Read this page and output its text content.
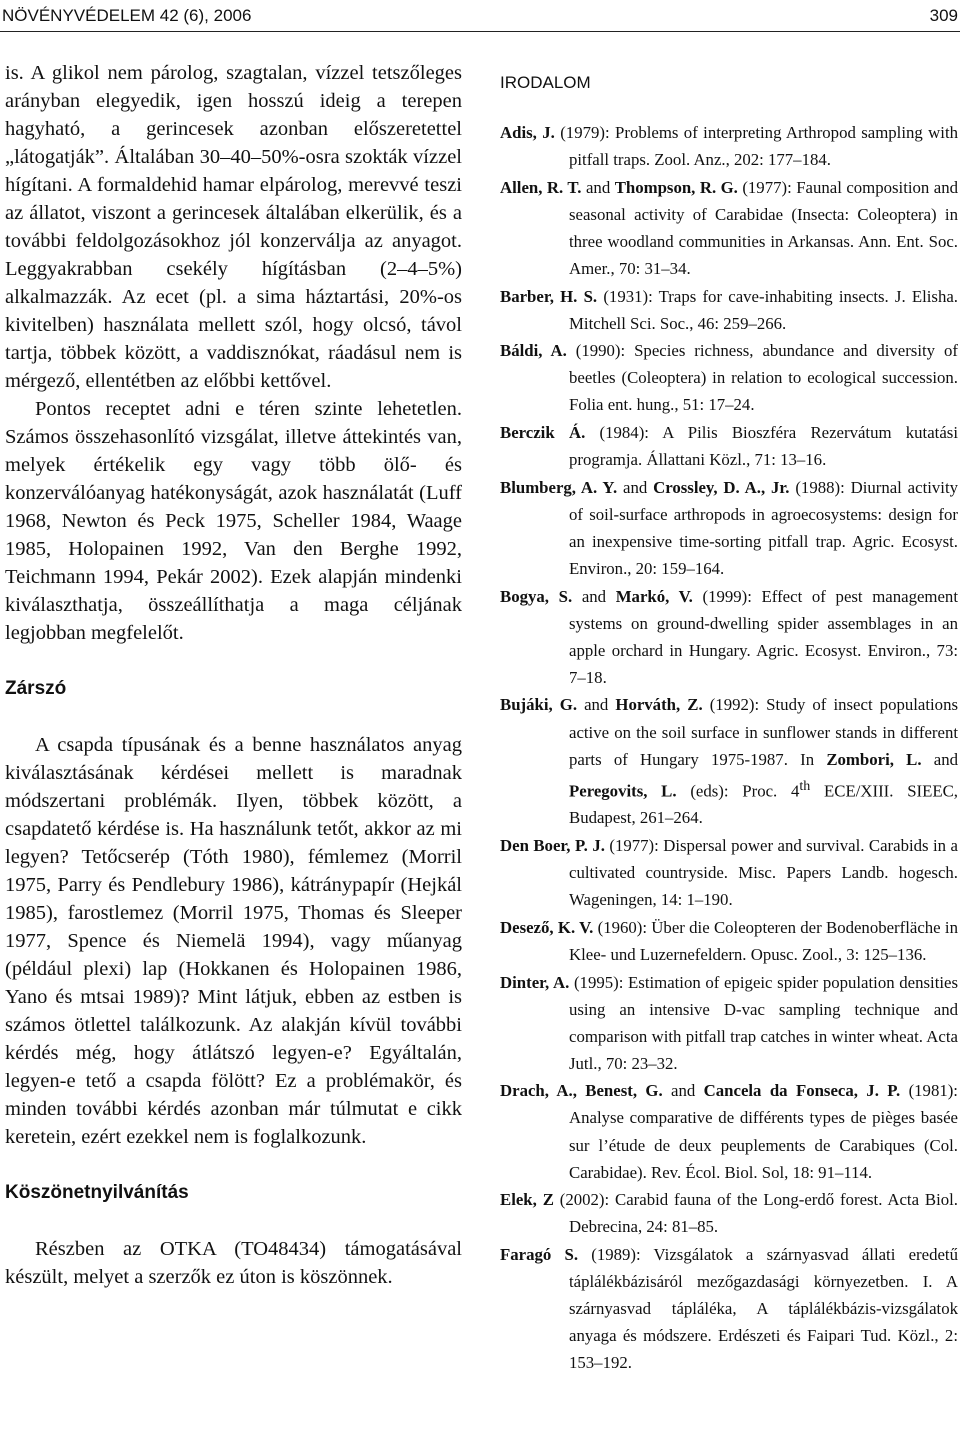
NÖVÉNYVÉDELEM 42 (6), 2006	309

is. A glikol nem párolog, szagtalan, vízzel tetszőleges arányban elegyedik, igen hosszú ideig a terepen hagyható, a gerincesek azonban előszeretettel „látogatják”. Általában 30–40–50%-osra szokták vízzel hígítani. A formaldehid hamar elpárolog, merevvé teszi az állatot, viszont a gerincesek általában elkerülik, és a további feldolgozásokhoz jól konzerválja az anyagot. Leggyakrabban csekély hígításban (2–4–5%) alkalmazzák. Az ecet (pl. a sima háztartási, 20%-os kivitelben) használata mellett szól, hogy olcsó, távol tartja, többek között, a vaddisznókat, ráadásul nem is mérgező, ellentétben az előbbi kettővel.

Pontos receptet adni e téren szinte lehetetlen. Számos összehasonlító vizsgálat, illetve áttekintés van, melyek értékelik egy vagy több ölő- és konzerválóanyag hatékonyságát, azok használatát (Luff 1968, Newton és Peck 1975, Scheller 1984, Waage 1985, Holopainen 1992, Van den Berghe 1992, Teichmann 1994, Pekár 2002). Ezek alapján mindenki kiválaszthatja, összeállíthatja a maga céljának legjobban megfelelőt.

Zárszó

A csapda típusának és a benne használatos anyag kiválasztásának kérdései mellett is maradnak módszertani problémák. Ilyen, többek között, a csapdatető kérdése is. Ha használunk tetőt, akkor az mi legyen? Tetőcserép (Tóth 1980), fémlemez (Morril 1975, Parry és Pendlebury 1986), kátránypapír (Hejkál 1985), farostlemez (Morril 1975, Thomas és Sleeper 1977, Spence és Niemelä 1994), vagy műanyag (például plexi) lap (Hokkanen és Holopainen 1986, Yano és mtsai 1989)? Mint látjuk, ebben az estben is számos ötlettel találkozunk. Az alakján kívül további kérdés még, hogy átlátszó legyen-e? Egyáltalán, legyen-e tető a csapda fölött? Ez a problémakör, és minden további kérdés azonban már túlmutat e cikk keretein, ezért ezekkel nem is foglalkozunk.

Köszönetnyilvánítás

Részben az OTKA (TO48434) támogatásával készült, melyet a szerzők ez úton is köszönnek.

IRODALOM

Adis, J. (1979): Problems of interpreting Arthropod sampling with pitfall traps. Zool. Anz., 202: 177–184.

Allen, R. T. and Thompson, R. G. (1977): Faunal composition and seasonal activity of Carabidae (Insecta: Coleoptera) in three woodland communities in Arkansas. Ann. Ent. Soc. Amer., 70: 31–34.

Barber, H. S. (1931): Traps for cave-inhabiting insects. J. Elisha. Mitchell Sci. Soc., 46: 259–266.

Báldi, A. (1990): Species richness, abundance and diversity of beetles (Coleoptera) in relation to ecological succession. Folia ent. hung., 51: 17–24.

Berczik Á. (1984): A Pilis Bioszféra Rezervátum kutatási programja. Állattani Közl., 71: 13–16.

Blumberg, A. Y. and Crossley, D. A., Jr. (1988): Diurnal activity of soil-surface arthropods in agroecosystems: design for an inexpensive time-sorting pitfall trap. Agric. Ecosyst. Environ., 20: 159–164.

Bogya, S. and Markó, V. (1999): Effect of pest management systems on ground-dwelling spider assemblages in an apple orchard in Hungary. Agric. Ecosyst. Environ., 73: 7–18.

Bujáki, G. and Horváth, Z. (1992): Study of insect populations active on the soil surface in sunflower stands in different parts of Hungary 1975-1987. In Zombori, L. and Peregovits, L. (eds): Proc. 4th ECE/XIII. SIEEC, Budapest, 261–264.

Den Boer, P. J. (1977): Dispersal power and survival. Carabids in a cultivated countryside. Misc. Papers Landb. hogesch. Wageningen, 14: 1–190.

Desező, K. V. (1960): Über die Coleopteren der Bodenoberfläche in Klee- und Luzernefeldern. Opusc. Zool., 3: 125–136.

Dinter, A. (1995): Estimation of epigeic spider population densities using an intensive D-vac sampling technique and comparison with pitfall trap catches in winter wheat. Acta Jutl., 70: 23–32.

Drach, A., Benest, G. and Cancela da Fonseca, J. P. (1981): Analyse comparative de différents types de pièges basée sur l’étude de deux peuplements de Carabiques (Col. Carabidae). Rev. Écol. Biol. Sol, 18: 91–114.

Elek, Z (2002): Carabid fauna of the Long-erdő forest. Acta Biol. Debrecina, 24: 81–85.

Faragó S. (1989): Vizsgálatok a szárnyasvad állati eredetű táplálékbázisáról mezőgazdasági környezetben. I. A szárnyasvad tápláléka, A táplálékbázis-vizsgálatok anyaga és módszere. Erdészeti és Faipari Tud. Közl., 2: 153–192.
